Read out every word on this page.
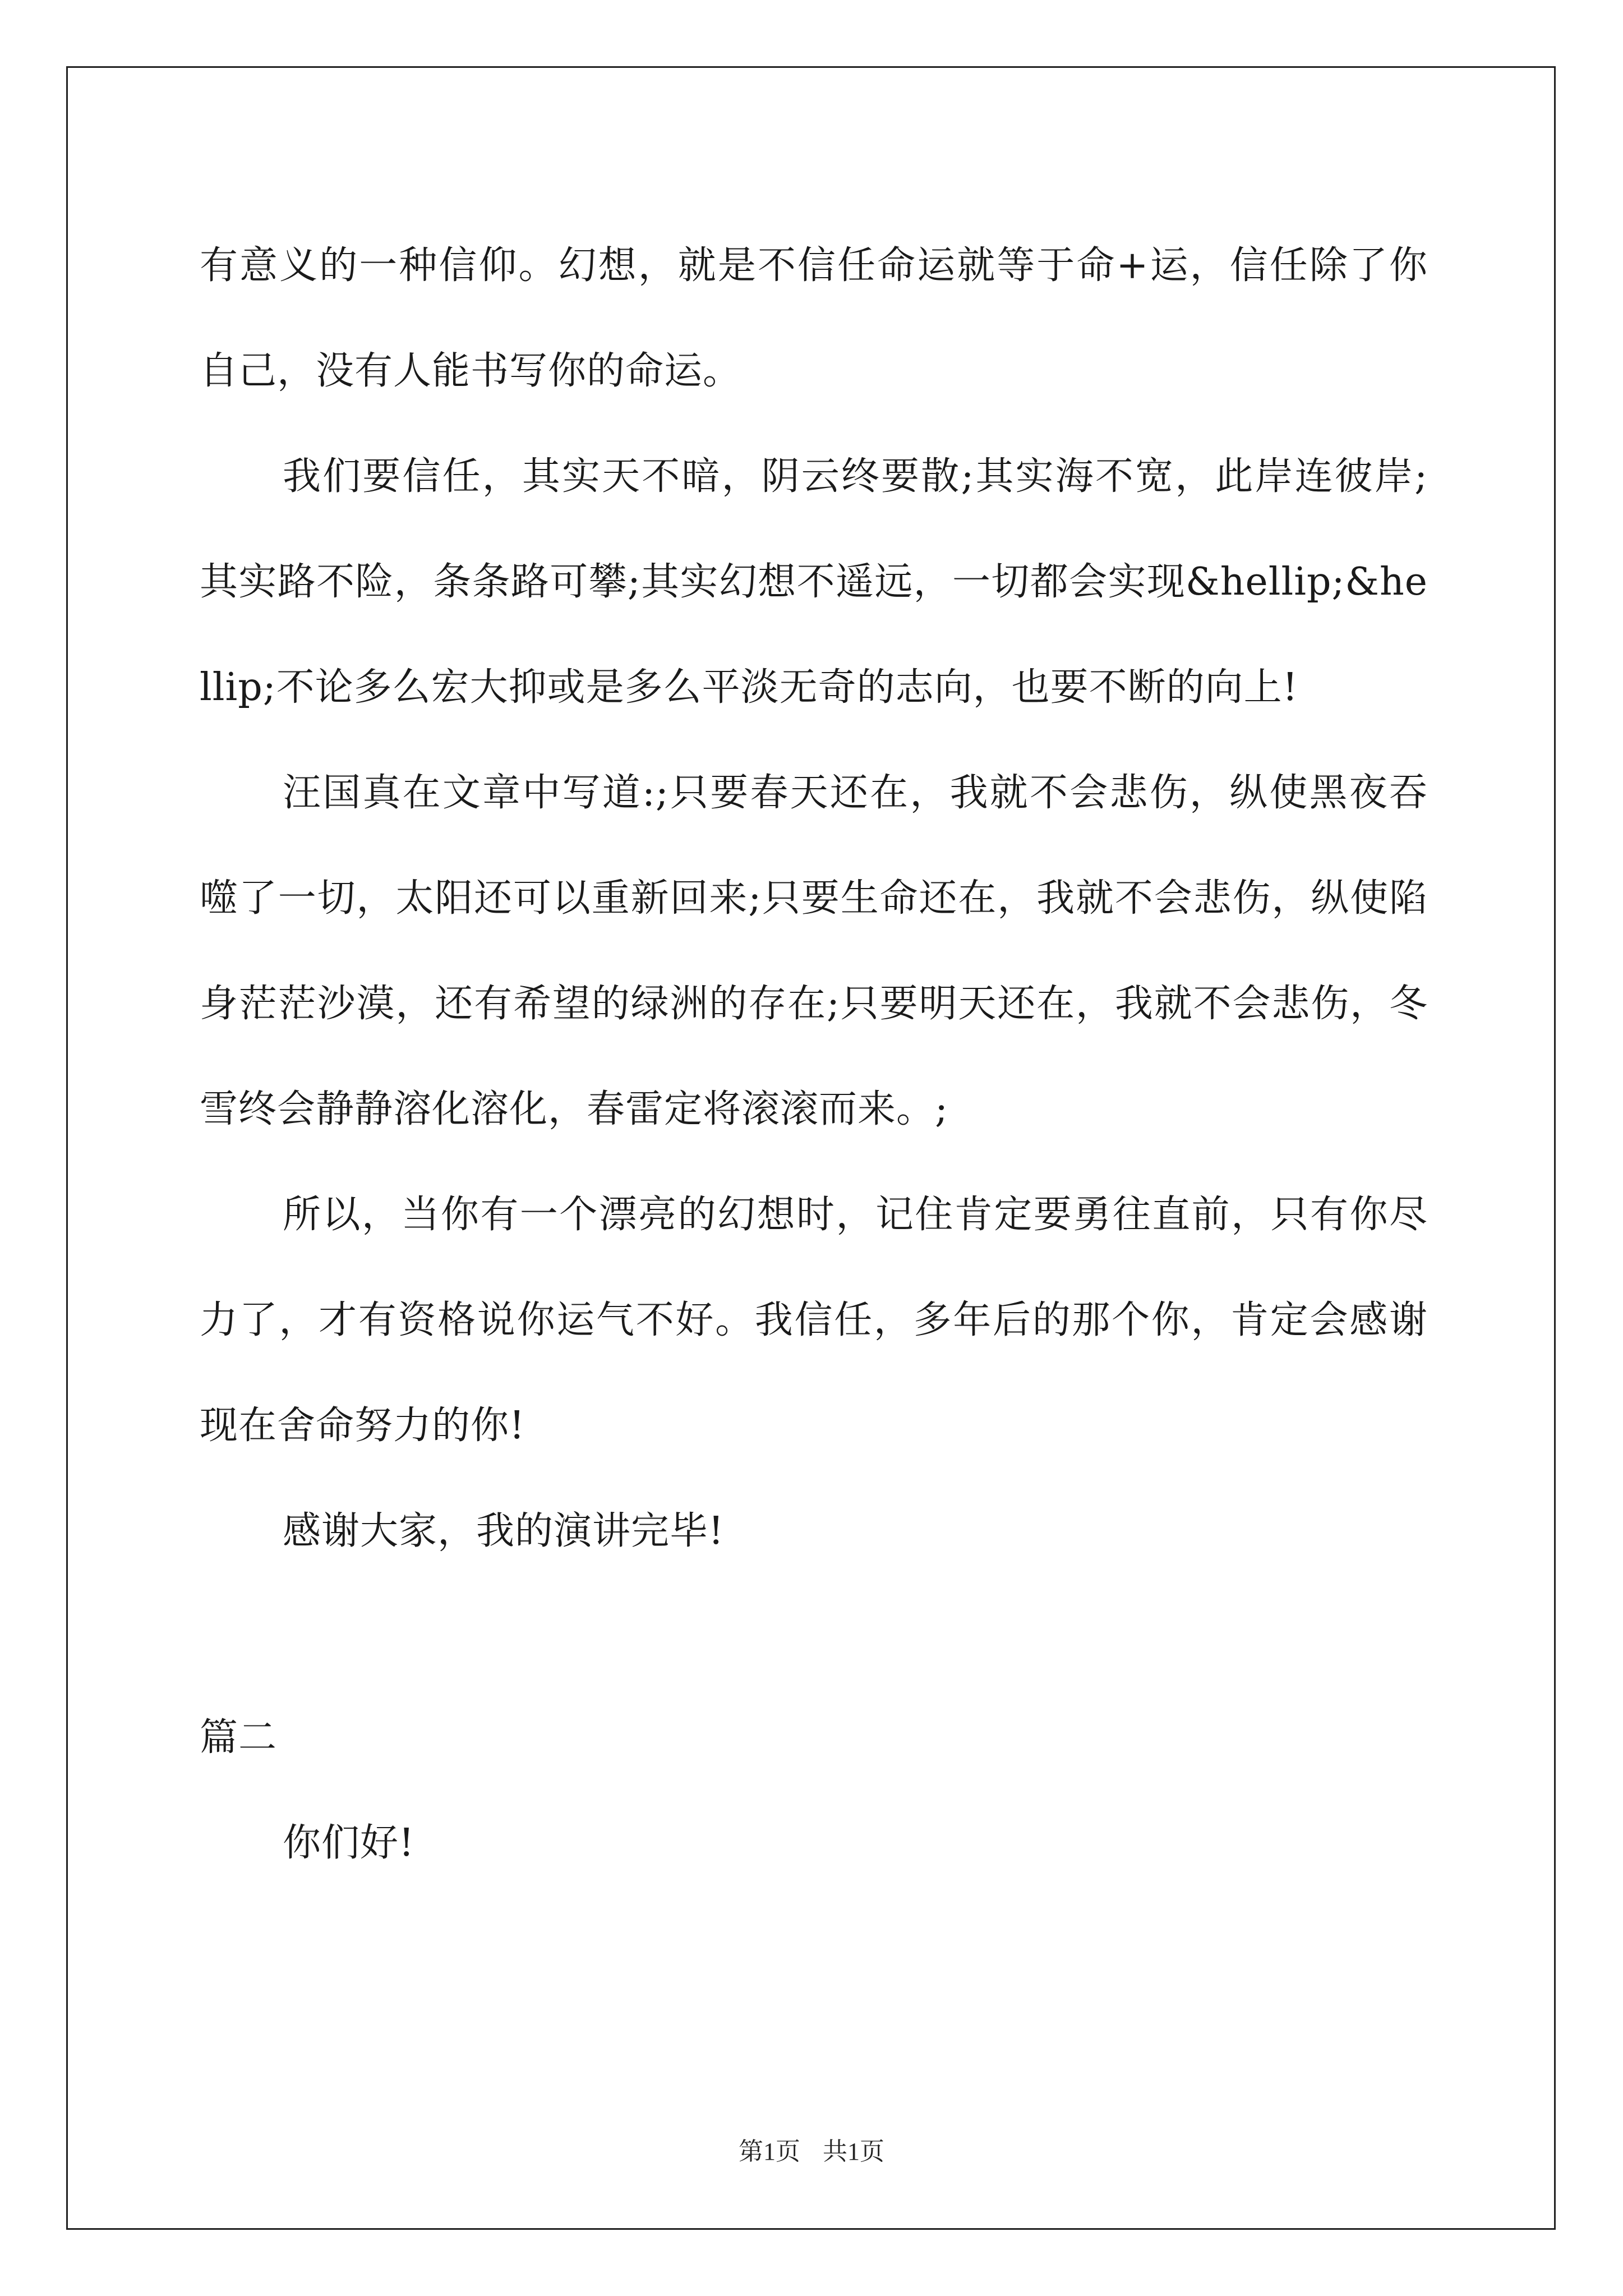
有意义的一种信仰。幻想，就是不信任命运就等于命+运，信任除了你自己，没有人能书写你的命运。

我们要信任，其实天不暗，阴云终要散;其实海不宽，此岸连彼岸;其实路不险，条条路可攀;其实幻想不遥远，一切都会实现&hellip;&hellip;不论多么宏大抑或是多么平淡无奇的志向，也要不断的向上!

汪国真在文章中写道:;只要春天还在，我就不会悲伤，纵使黑夜吞噬了一切，太阳还可以重新回来;只要生命还在，我就不会悲伤，纵使陷身茫茫沙漠，还有希望的绿洲的存在;只要明天还在，我就不会悲伤，冬雪终会静静溶化溶化，春雷定将滚滚而来。;

所以，当你有一个漂亮的幻想时，记住肯定要勇往直前，只有你尽力了，才有资格说你运气不好。我信任，多年后的那个你，肯定会感谢现在舍命努力的你!

感谢大家，我的演讲完毕!

篇二

你们好!

第1页 共1页
